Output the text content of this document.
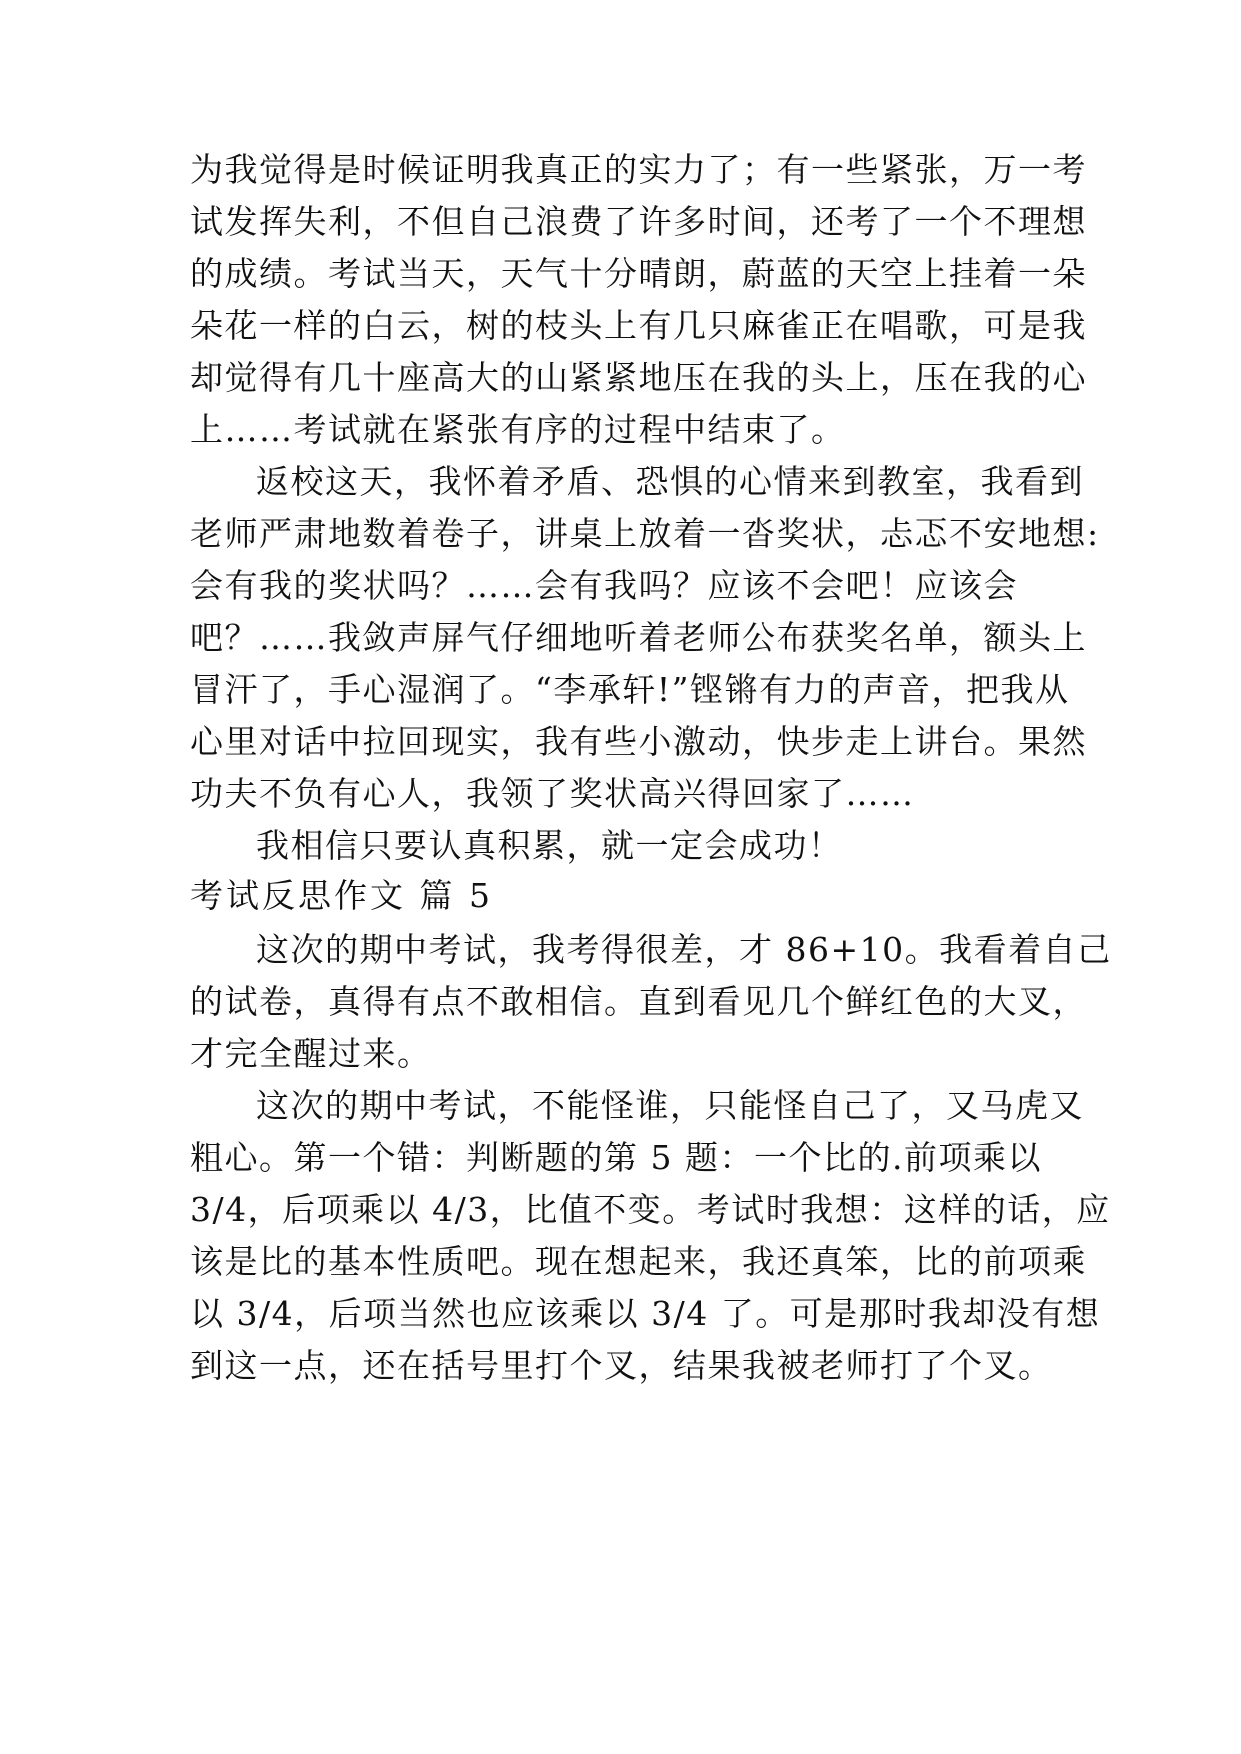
为我觉得是时候证明我真正的实力了；有一些紧张，万一考
试发挥失利，不但自己浪费了许多时间，还考了一个不理想
的成绩。考试当天，天气十分晴朗，蔚蓝的天空上挂着一朵
朵花一样的白云，树的枝头上有几只麻雀正在唱歌，可是我
却觉得有几十座高大的山紧紧地压在我的头上，压在我的心
上……考试就在紧张有序的过程中结束了。
返校这天，我怀着矛盾、恐惧的心情来到教室，我看到
老师严肃地数着卷子，讲桌上放着一沓奖状，忐忑不安地想:
会有我的奖状吗？……会有我吗？应该不会吧！应该会
吧？……我敛声屏气仔细地听着老师公布获奖名单，额头上
冒汗了，手心湿润了。“李承轩!”铿锵有力的声音，把我从
心里对话中拉回现实，我有些小激动，快步走上讲台。果然
功夫不负有心人，我领了奖状高兴得回家了……
我相信只要认真积累，就一定会成功！
考试反思作文 篇 5
这次的期中考试，我考得很差，才 86+10。我看着自己
的试卷，真得有点不敢相信。直到看见几个鲜红色的大叉，
才完全醒过来。
这次的期中考试，不能怪谁，只能怪自己了，又马虎又
粗心。第一个错：判断题的第 5 题：一个比的.前项乘以
3/4，后项乘以 4/3，比值不变。考试时我想：这样的话，应
该是比的基本性质吧。现在想起来，我还真笨，比的前项乘
以 3/4，后项当然也应该乘以 3/4 了。可是那时我却没有想
到这一点，还在括号里打个叉，结果我被老师打了个叉。
